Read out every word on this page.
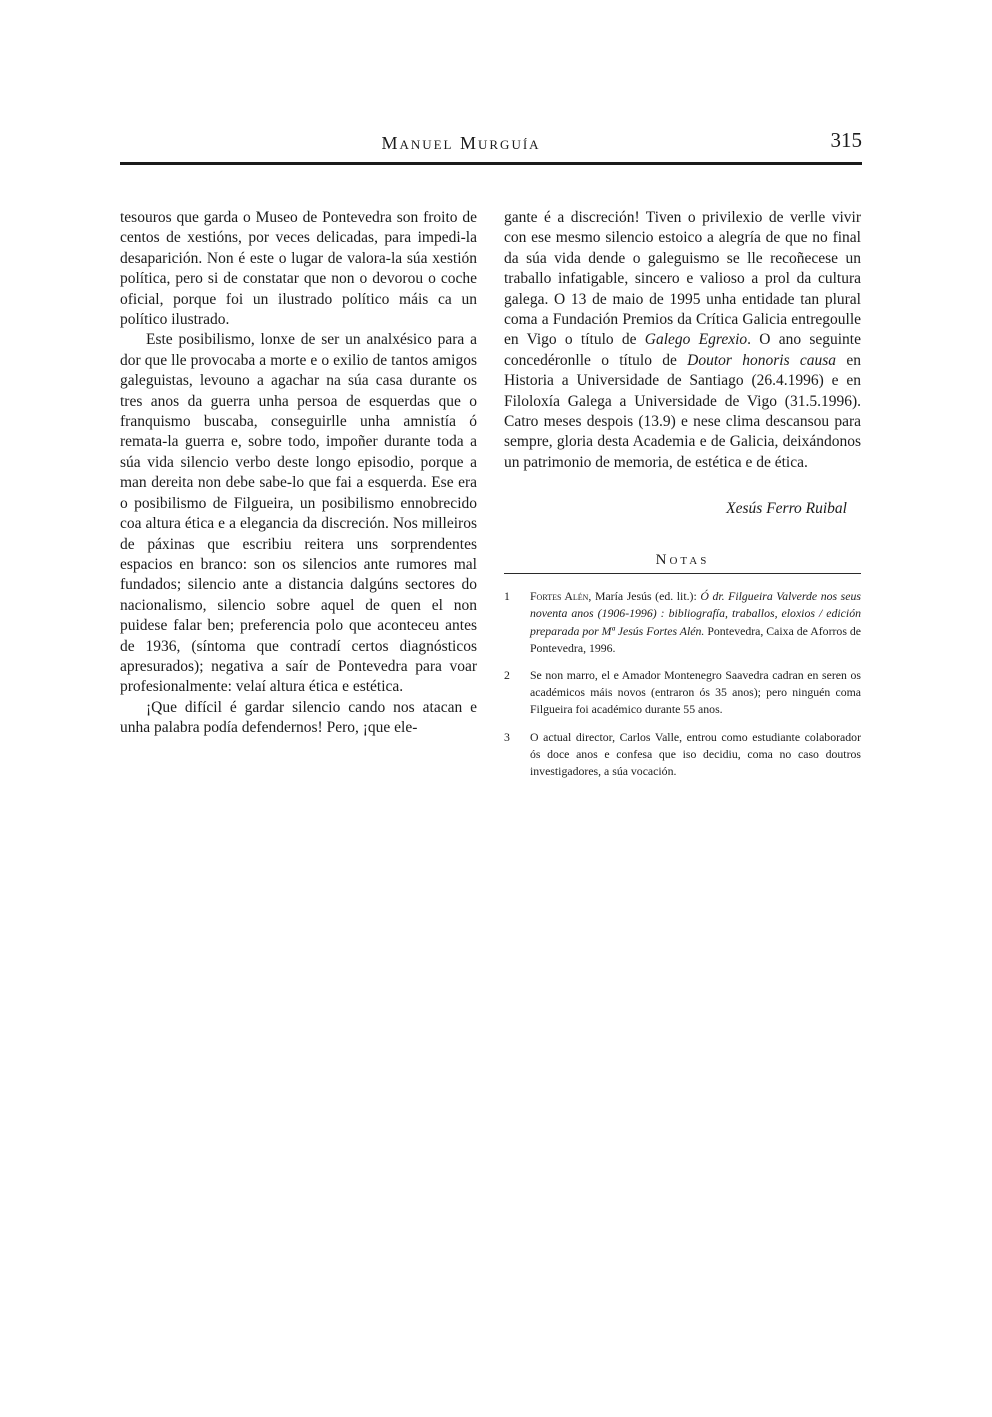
Manuel Murguía	315

tesouros que garda o Museo de Pontevedra son froito de centos de xestións, por veces delicadas, para impedi-la desaparición. Non é este o lugar de valora-la súa xestión política, pero si de constatar que non o devorou o coche oficial, porque foi un ilustrado político máis ca un político ilustrado.

Este posibilismo, lonxe de ser un analxésico para a dor que lle provocaba a morte e o exilio de tantos amigos galeguistas, levouno a agachar na súa casa durante os tres anos da guerra unha persoa de esquerdas que o franquismo buscaba, conseguirlle unha amnistía ó remata-la guerra e, sobre todo, impoñer durante toda a súa vida silencio verbo deste longo episodio, porque a man dereita non debe sabe-lo que fai a esquerda. Ese era o posibilismo de Filgueira, un posibilismo ennobrecido coa altura ética e a elegancia da discreción. Nos milleiros de páxinas que escribiu reitera uns sorprendentes espacios en branco: son os silencios ante rumores mal fundados; silencio ante a distancia dalgúns sectores do nacionalismo, silencio sobre aquel de quen el non puidese falar ben; preferencia polo que aconteceu antes de 1936, (síntoma que contradí certos diagnósticos apresurados); negativa a saír de Pontevedra para voar profesionalmente: velaí altura ética e estética.

¡Que difícil é gardar silencio cando nos atacan e unha palabra podía defendernos! Pero, ¡que ele-

gante é a discreción! Tiven o privilexio de verlle vivir con ese mesmo silencio estoico a alegría de que no final da súa vida dende o galeguismo se lle recoñecese un traballo infatigable, sincero e valioso a prol da cultura galega. O 13 de maio de 1995 unha entidade tan plural coma a Fundación Premios da Crítica Galicia entregoulle en Vigo o título de Galego Egrexio. O ano seguinte concedéronlle o título de Doutor honoris causa en Historia a Universidade de Santiago (26.4.1996) e en Filoloxía Galega a Universidade de Vigo (31.5.1996). Catro meses despois (13.9) e nese clima descansou para sempre, gloria desta Academia e de Galicia, deixándonos un patrimonio de memoria, de estética e de ética.

Xesús Ferro Ruibal
Notas
1	Fortes Alén, María Jesús (ed. lit.): Ó dr. Filgueira Valverde nos seus noventa anos (1906-1996) : bibliografía, traballos, eloxios / edición preparada por Mª Jesús Fortes Alén. Pontevedra, Caixa de Aforros de Pontevedra, 1996.
2	Se non marro, el e Amador Montenegro Saavedra cadran en seren os académicos máis novos (entraron ós 35 anos); pero ninguén coma Filgueira foi académico durante 55 anos.
3	O actual director, Carlos Valle, entrou como estudiante colaborador ós doce anos e confesa que iso decidiu, coma no caso doutros investigadores, a súa vocación.
